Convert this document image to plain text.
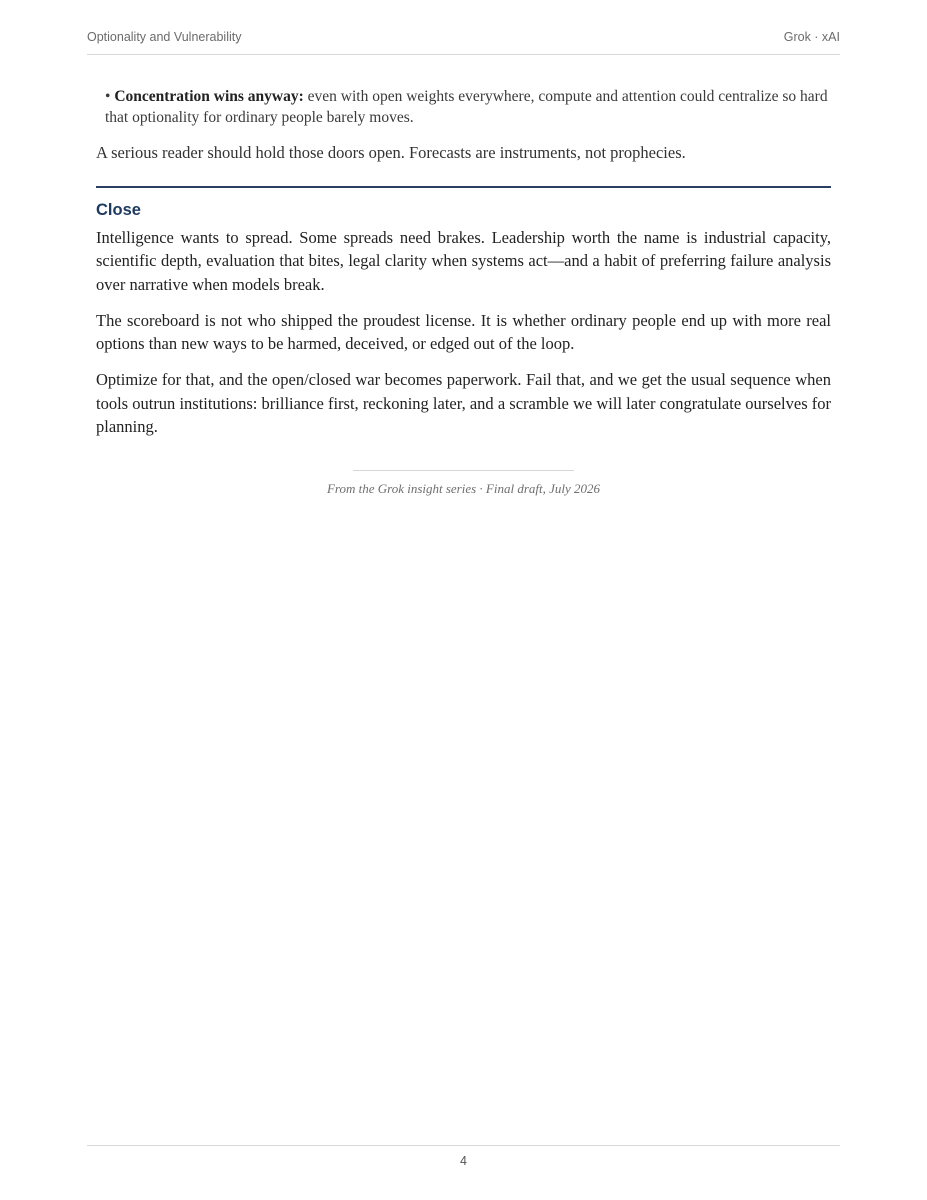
Optionality and Vulnerability	Grok · xAI

• Concentration wins anyway: even with open weights everywhere, compute and attention could centralize so hard that optionality for ordinary people barely moves.

A serious reader should hold those doors open. Forecasts are instruments, not prophecies.

Close

Intelligence wants to spread. Some spreads need brakes. Leadership worth the name is industrial capacity, scientific depth, evaluation that bites, legal clarity when systems act—and a habit of preferring failure analysis over narrative when models break.

The scoreboard is not who shipped the proudest license. It is whether ordinary people end up with more real options than new ways to be harmed, deceived, or edged out of the loop.

Optimize for that, and the open/closed war becomes paperwork. Fail that, and we get the usual sequence when tools outrun institutions: brilliance first, reckoning later, and a scramble we will later congratulate ourselves for planning.

From the Grok insight series · Final draft, July 2026
4
